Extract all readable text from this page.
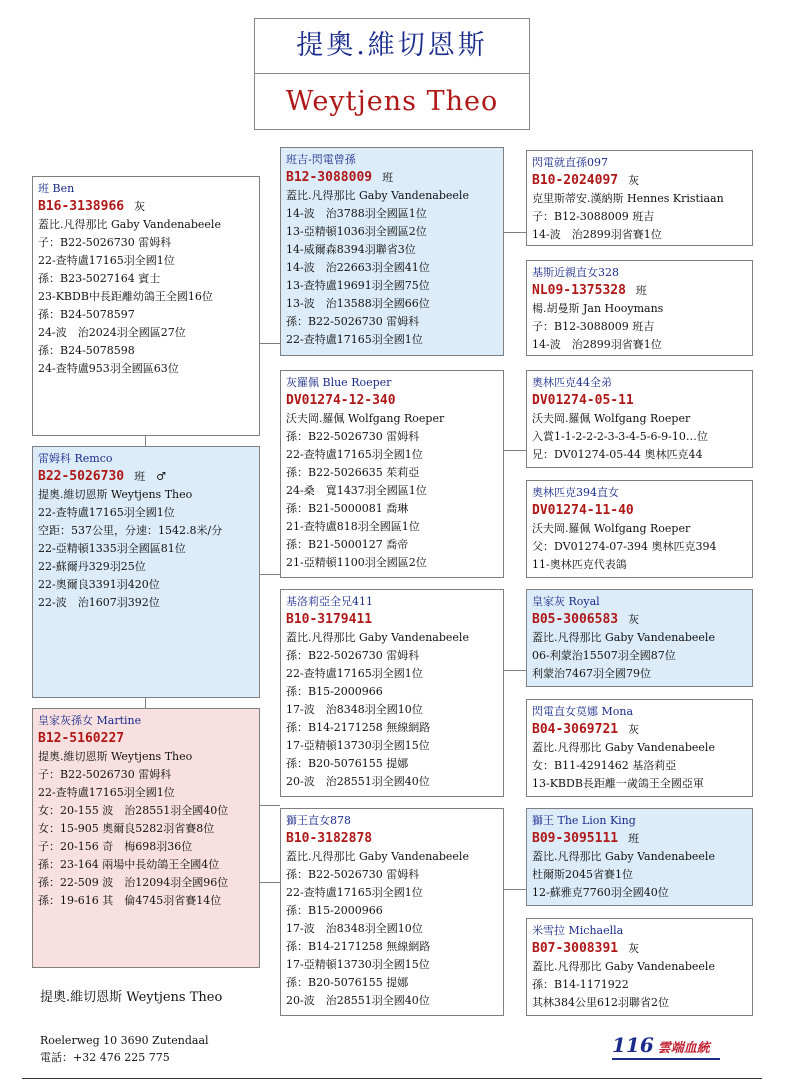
提奧.維切恩斯
Weytjens Theo
班 Ben
B16-3138966 灰
蓋比.凡得那比 Gaby Vandenabeele
子：B22-5026730 雷姆科
22-查特盧17165羽全國1位
孫：B23-5027164 賓士
23-KBDB中長距離幼鴿王全國16位
孫：B24-5078597
24-波　治2024羽全國區27位
孫：B24-5078598
24-查特盧953羽全國區63位
雷姆科 Remco
B22-5026730 班　♂
提奧.維切恩斯 Weytjens Theo
22-查特盧17165羽全國1位
空距：537公里，分速：1542.8米/分
22-亞精頓1335羽全國區81位
22-蘇爾丹329羽25位
22-奧爾良3391羽420位
22-波　治1607羽392位
皇家灰孫女 Martine
B12-5160227
提奧.維切恩斯 Weytjens Theo
子：B22-5026730 雷姆科
22-查特盧17165羽全國1位
女：20-155 波　治28551羽全國40位
女：15-905 奧爾良5282羽省賽8位
子：20-156 奇　梅698羽36位
孫：23-164 兩場中長幼鴿王全國4位
孫：22-509 波　治12094羽全國96位
孫：19-616 其　倫4745羽省賽14位
班吉-閃電曾孫
B12-3088009 班
蓋比.凡得那比 Gaby Vandenabeele
14-波　治3788羽全國區1位
13-亞精頓1036羽全國區2位
14-威爾森8394羽聯省3位
14-波　治22663羽全國41位
13-查特盧19691羽全國75位
13-波　治13588羽全國66位
孫：B22-5026730 雷姆科
22-查特盧17165羽全國1位
灰羅佩 Blue Roeper
DV01274-12-340
沃夫岡.羅佩 Wolfgang Roeper
孫：B22-5026730 雷姆科
22-查特盧17165羽全國1位
孫：B22-5026635 茱莉亞
24-桑　寬1437羽全國區1位
孫：B21-5000081 喬琳
21-查特盧818羽全國區1位
孫：B21-5000127 喬帝
21-亞精頓1100羽全國區2位
基洛莉亞全兄411
B10-3179411
蓋比.凡得那比 Gaby Vandenabeele
孫：B22-5026730 雷姆科
22-查特盧17165羽全國1位
孫：B15-2000966
17-波　治8348羽全國10位
孫：B14-2171258 無線網路
17-亞精頓13730羽全國15位
孫：B20-5076155 提娜
20-波　治28551羽全國40位
獅王直女878
B10-3182878
蓋比.凡得那比 Gaby Vandenabeele
孫：B22-5026730 雷姆科
22-查特盧17165羽全國1位
孫：B15-2000966
17-波　治8348羽全國10位
孫：B14-2171258 無線網路
17-亞精頓13730羽全國15位
孫：B20-5076155 提娜
20-波　治28551羽全國40位
閃電就直孫097
B10-2024097 灰
克里斯蒂安.漢納斯 Hennes Kristiaan
子：B12-3088009 班吉
14-波　治2899羽省賽1位
基斯近親直女328
NL09-1375328 班
楊.胡曼斯 Jan Hooymans
子：B12-3088009 班吉
14-波　治2899羽省賽1位
奧林匹克44全弟
DV01274-05-11
沃夫岡.羅佩 Wolfgang Roeper
入賞1-1-2-2-2-3-3-4-5-6-9-10…位
兄：DV01274-05-44 奧林匹克44
奧林匹克394直女
DV01274-11-40
沃夫岡.羅佩 Wolfgang Roeper
父：DV01274-07-394 奧林匹克394
11-奧林匹克代表鴿
皇家灰 Royal
B05-3006583 灰
蓋比.凡得那比 Gaby Vandenabeele
06-利蒙治15507羽全國87位
利蒙治7467羽全國79位
閃電直女莫娜 Mona
B04-3069721 灰
蓋比.凡得那比 Gaby Vandenabeele
女：B11-4291462 基洛莉亞
13-KBDB長距離一歲鴿王全國亞軍
獅王 The Lion King
B09-3095111 班
蓋比.凡得那比 Gaby Vandenabeele
杜爾斯2045省賽1位
12-蘇雅克7760羽全國40位
米雪拉 Michaella
B07-3008391 灰
蓋比.凡得那比 Gaby Vandenabeele
孫：B14-1171922
其林384公里612羽聯省2位
提奧.維切恩斯 Weytjens Theo
Roelerweg 10 3690 Zutendaal
電話：+32 476 225 775
116 雲端血統
